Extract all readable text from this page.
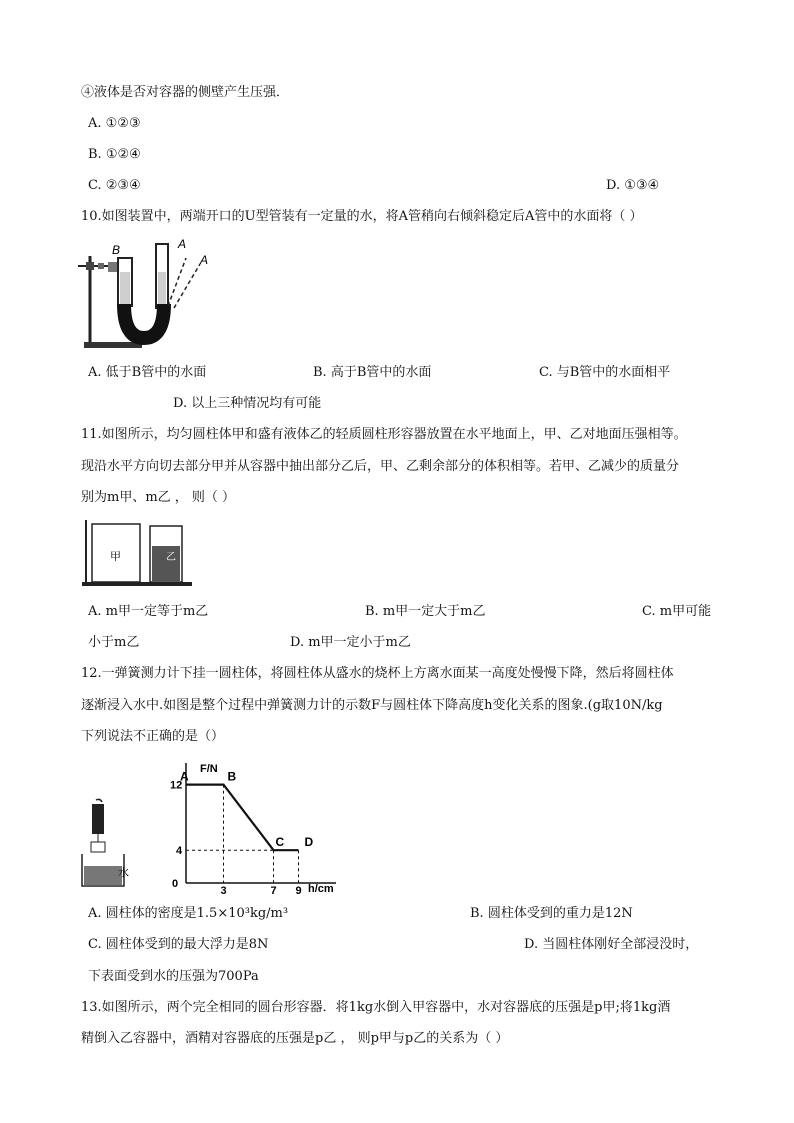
④液体是否对容器的侧壁产生压强．
A. ①②③
B. ①②④
C. ②③④	D. ①③④
10.如图装置中，两端开口的U型管装有一定量的水，将A管稍向右倾斜稳定后A管中的水面将（ ）
B	A
A
A. 低于B管中的水面	B. 高于B管中的水面	C. 与B管中的水面相平
D. 以上三种情况均有可能
11.如图所示，均匀圆柱体甲和盛有液体乙的轻质圆柱形容器放置在水平地面上，甲、乙对地面压强相等。
现沿水平方向切去部分甲并从容器中抽出部分乙后，甲、乙剩余部分的体积相等。若甲、乙减少的质量分
别为m甲、m乙 ， 则（ ）
甲	乙
A. m甲一定等于m乙	B. m甲一定大于m乙	C. m甲可能
小于m乙	D. m甲一定小于m乙
12.一弹簧测力计下挂一圆柱体，将圆柱体从盛水的烧杯上方离水面某一高度处慢慢下降，然后将圆柱体
逐渐浸入水中.如图是整个过程中弹簧测力计的示数F与圆柱体下降高度h变化关系的图象.(g取10N/kg
下列说法不正确的是（）
水
F/N
h/cm
A	B
C D
0
3	7 9
4
12
A. 圆柱体的密度是1.5×10³kg/m³	B. 圆柱体受到的重力是12N
C. 圆柱体受到的最大浮力是8N	D. 当圆柱体刚好全部浸没时，
下表面受到水的压强为700Pa
13.如图所示，两个完全相同的圆台形容器．将1kg水倒入甲容器中，水对容器底的压强是p甲;将1kg酒
精倒入乙容器中，酒精对容器底的压强是p乙 ， 则p甲与p乙的关系为（ ）
